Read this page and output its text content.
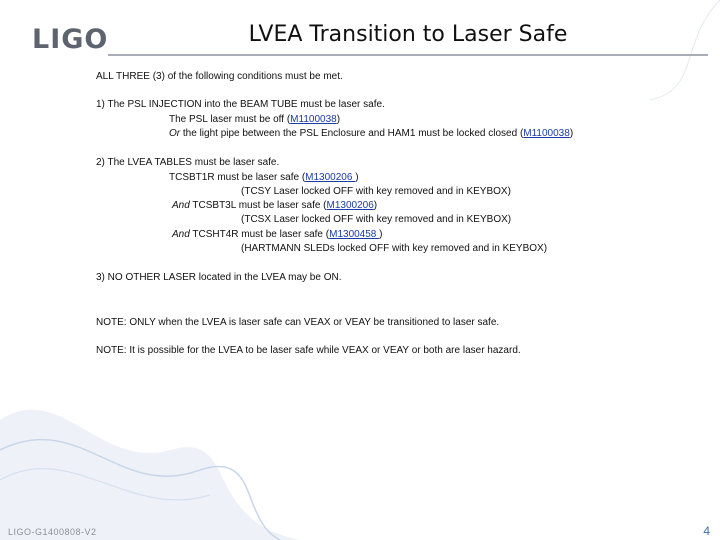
LIGO	LVEA Transition to Laser Safe
ALL THREE (3) of the following conditions must be met.
1) The PSL INJECTION into the BEAM TUBE must be laser safe.
The PSL laser must be off (M1100038)
Or the light pipe between the PSL Enclosure and HAM1 must be locked closed (M1100038)
2) The LVEA TABLES must be laser safe.
TCSBT1R must be laser safe (M1300206 )
(TCSY Laser locked OFF with key removed and in KEYBOX)
And TCSBT3L must be laser safe (M1300206)
(TCSX Laser locked OFF with key removed and in KEYBOX)
And TCSHT4R must be laser safe (M1300458 )
(HARTMANN SLEDs locked OFF with key removed and in KEYBOX)
3) NO OTHER LASER located in the LVEA may be ON.
NOTE: ONLY when the LVEA is laser safe can VEAX or VEAY be transitioned to laser safe.
NOTE: It is possible for the LVEA to be laser safe while VEAX or VEAY or both are laser hazard.
LIGO-G1400808-V2	4
